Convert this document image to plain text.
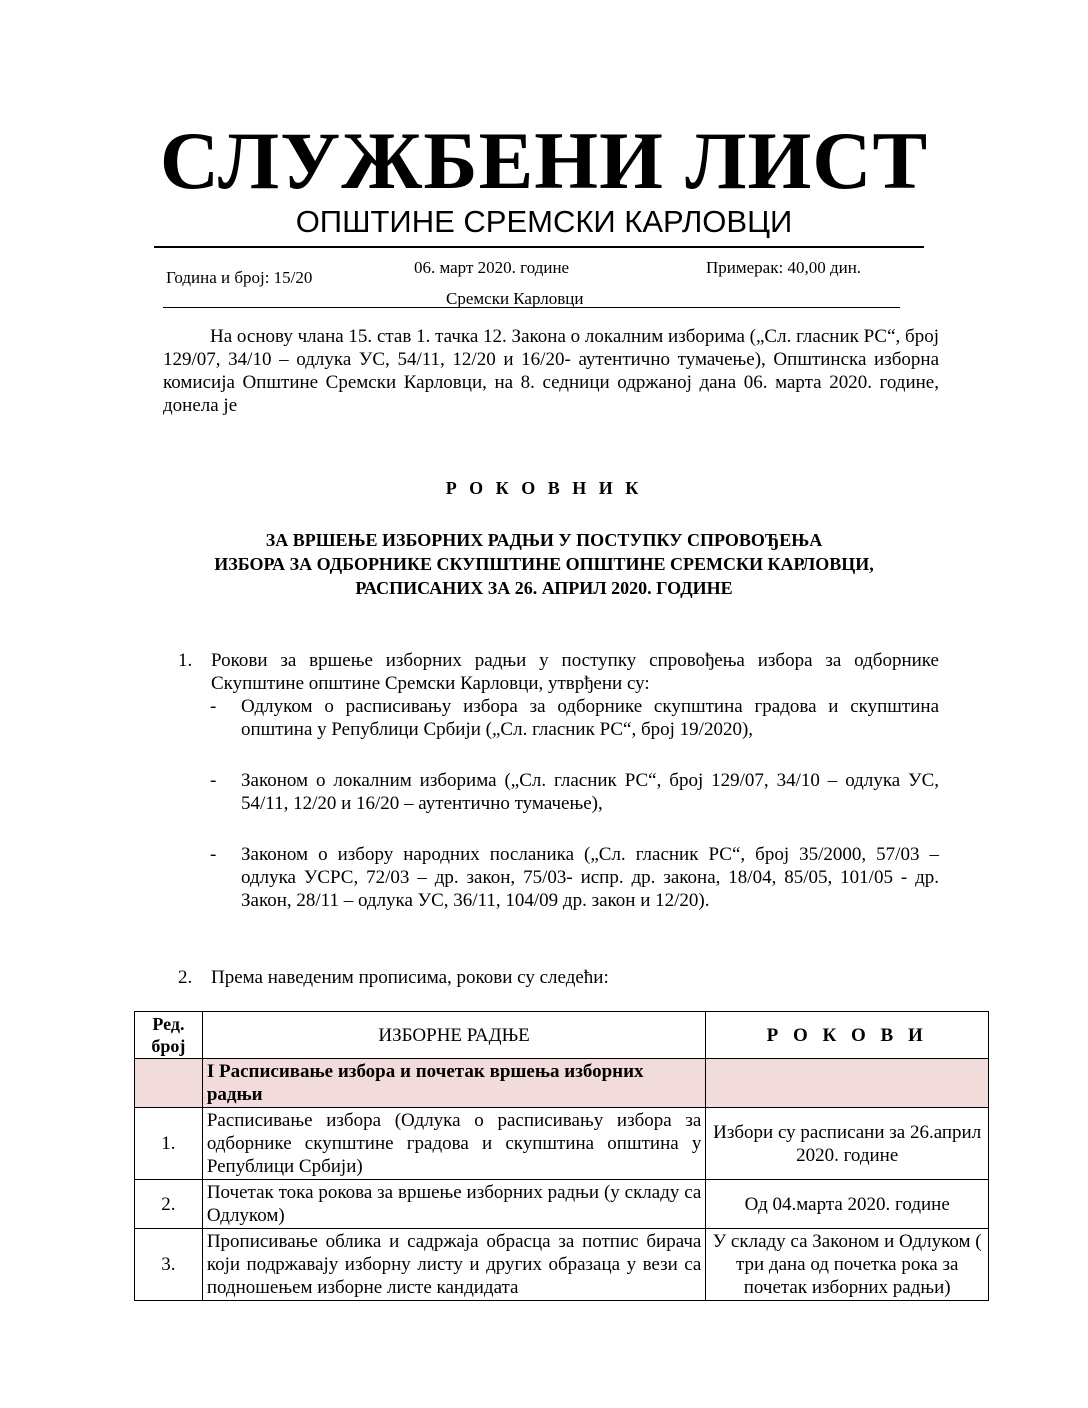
СЛУЖБЕНИ ЛИСТ
ОПШТИНЕ СРЕМСКИ КАРЛОВЦИ
Година и број: 15/20
06. март 2020. године	Примерак: 40,00 дин.
Сремски Карловци

На основу члана 15. став 1. тачка 12. Закона о локалним изборима („Сл. гласник РС“, број 129/07, 34/10 – одлука УС, 54/11, 12/20 и 16/20- аутентично тумачење), Општинска изборна комисија Општине Сремски Карловци, на 8. седници одржаној дана 06. марта 2020. године, донела је

Р О К О В Н И К
ЗА ВРШЕЊЕ ИЗБОРНИХ РАДЊИ У ПОСТУПКУ СПРОВОЂЕЊА
ИЗБОРА ЗА ОДБОРНИКЕ СКУПШТИНЕ ОПШТИНЕ СРЕМСКИ КАРЛОВЦИ,
РАСПИСАНИХ ЗА 26. АПРИЛ 2020. ГОДИНЕ
1. Рокови за вршење изборних радњи у поступку спровођења избора за одборнике Скупштине општине Сремски Карловци, утврђени су:
- Одлуком о расписивању избора за одборнике скупштина градова и скупштина општина у Републици Србији („Сл. гласник РС“, број 19/2020),
- Законом о локалним изборима („Сл. гласник РС“, број 129/07, 34/10 – одлука УС, 54/11, 12/20 и 16/20 – аутентично тумачење),
- Законом о избору народних посланика („Сл. гласник РС“, број 35/2000, 57/03 – одлука УСРС, 72/03 – др. закон, 75/03- испр. др. закона, 18/04, 85/05, 101/05 - др. Закон, 28/11 – одлука УС, 36/11, 104/09 др. закон и 12/20).
2. Према наведеним прописима, рокови су следећи:
Ред. број	ИЗБОРНЕ РАДЊЕ	Р О К О В И
	I Расписивање избора и почетак вршења изборних радњи	
1.	Расписивање избора (Одлука о расписивању избора за одборнике скупштине градова и скупштина општина у Републици Србији)	Избори су расписани за 26.април 2020. године
2.	Почетак тока рокова за вршење изборних радњи (у складу са Одлуком)	Од 04.марта 2020. године
3.	Прописивање облика и садржаја обрасца за потпис бирача који подржавају изборну листу и других образаца у вези са подношењем изборне листе кандидата	У складу са Законом и Одлуком ( три дана од почетка рока за почетак изборних радњи)
